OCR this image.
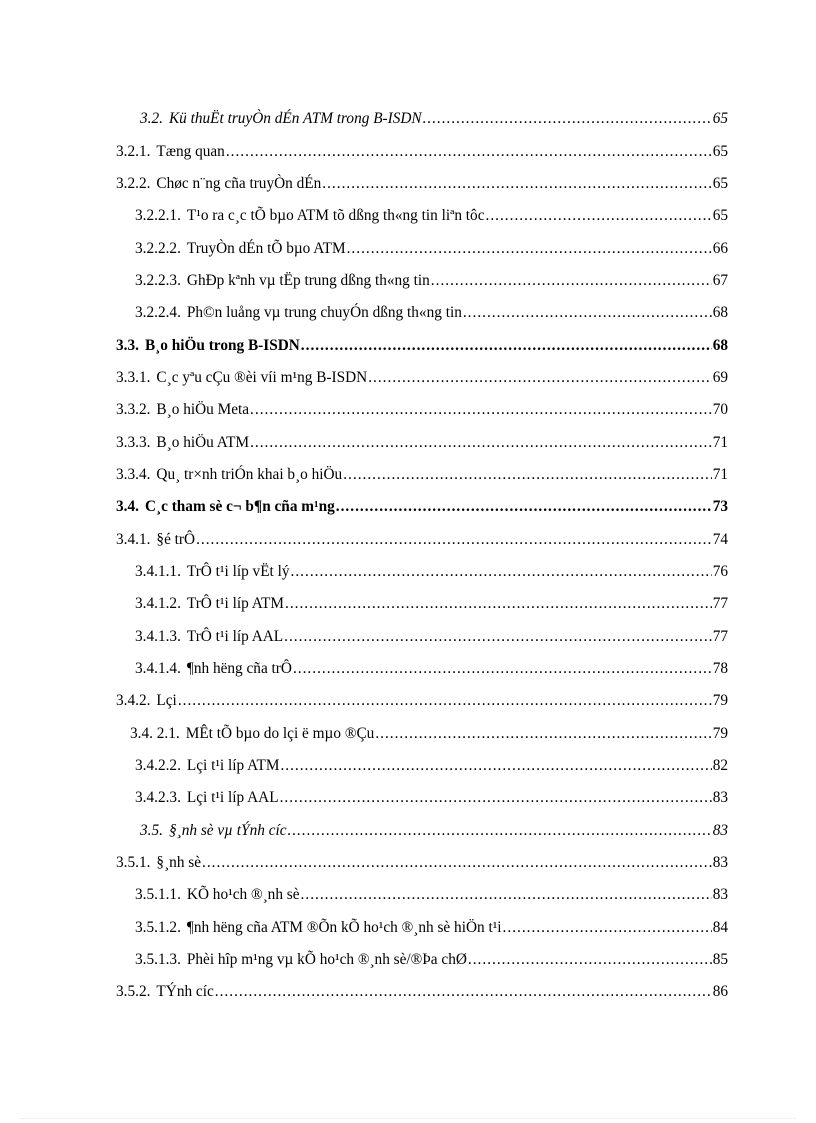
3.2. Kü thuËt truyÒn dÉn ATM trong B-ISDN .....	65
3.2.1. Tæng quan .....	65
3.2.2. Chøc n¨ng cña truyÒn dÉn .....	65
3.2.2.1. T¹o ra c¸c tÕ bµo ATM tõ dßng th«ng tin liªn tôc .....	65
3.2.2.2. TruyÒn dÉn tÕ bµo ATM .....	66
3.2.2.3. GhÐp kªnh vµ tËp trung dßng th«ng tin .....	67
3.2.2.4. Ph©n luång vµ trung chuyÓn dßng th«ng tin .....	68
3.3. B¸o hiÖu trong B-ISDN .....	68
3.3.1. C¸c yªu cÇu ®èi víi m¹ng B-ISDN .....	69
3.3.2. B¸o hiÖu Meta .....	70
3.3.3. B¸o hiÖu ATM .....	71
3.3.4. Qu¸ tr×nh triÓn khai b¸o hiÖu .....	71
3.4. C¸c tham sè c¬ b¶n cña m¹ng .....	73
3.4.1. §é trÔ .....	74
3.4.1.1. TrÔ t¹i líp vËt lý .....	76
3.4.1.2. TrÔ t¹i líp ATM .....	77
3.4.1.3. TrÔ t¹i líp AAL .....	77
3.4.1.4. ¶nh hëng cña trÔ .....	78
3.4.2. Lçi .....	79
3.4. 2.1. MÊt tÕ bµo do lçi ë mµo ®Çu .....	79
3.4.2.2. Lçi t¹i líp ATM .....	82
3.4.2.3. Lçi t¹i líp AAL .....	83
3.5. §¸nh sè vµ tÝnh cíc .....	83
3.5.1. §¸nh sè .....	83
3.5.1.1. KÕ ho¹ch ®¸nh sè .....	83
3.5.1.2. ¶nh hëng cña ATM ®Õn kÕ ho¹ch ®¸nh sè hiÖn t¹i .....	84
3.5.1.3. Phèi hîp m¹ng vµ kÕ ho¹ch ®¸nh sè/®Þa chØ .....	85
3.5.2. TÝnh cíc .....	86
